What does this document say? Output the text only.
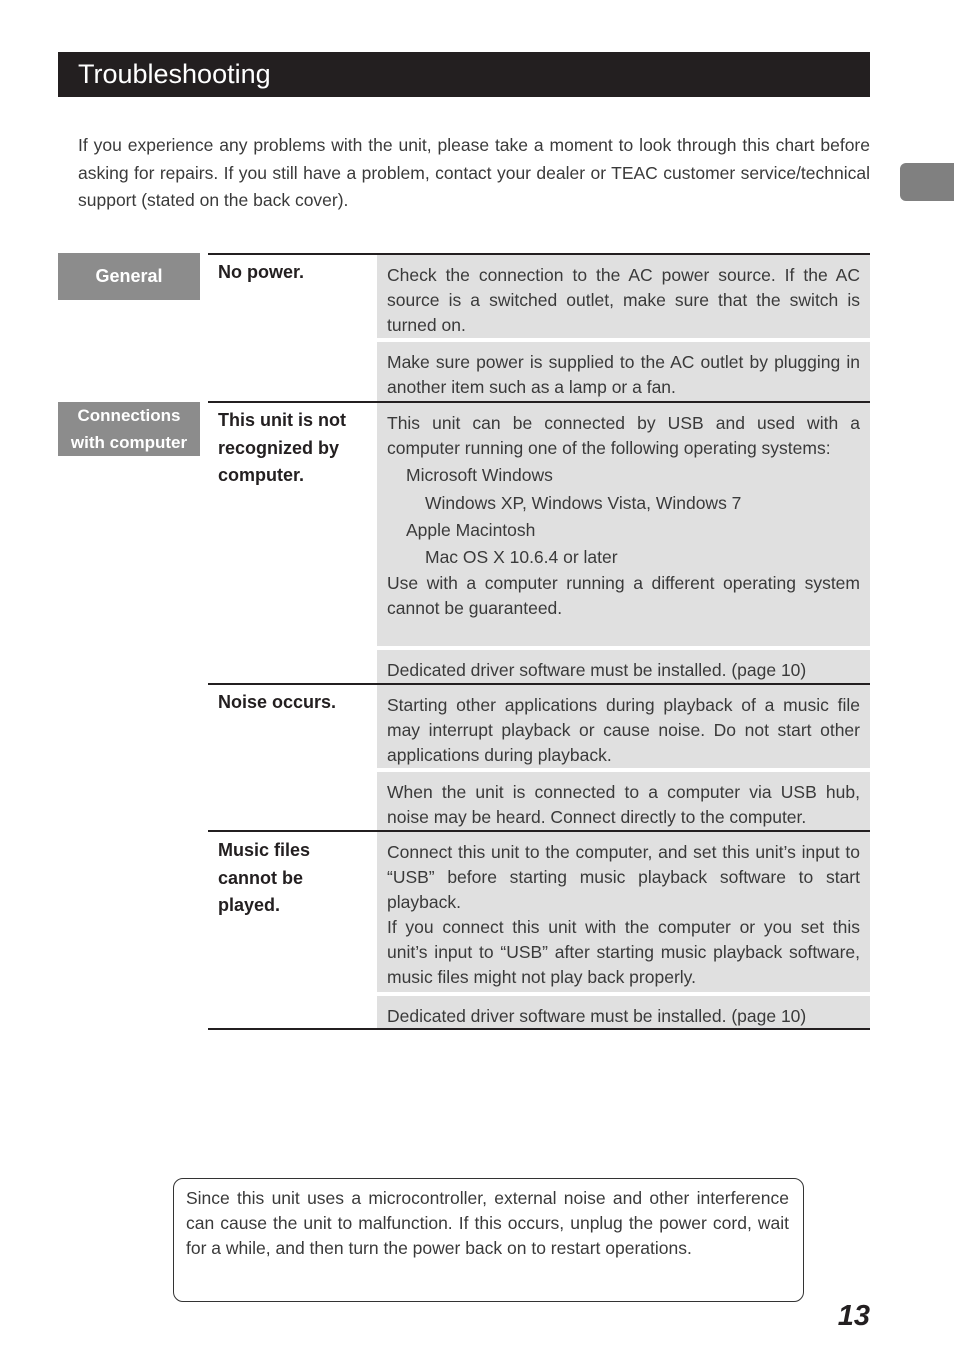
Troubleshooting
If you experience any problems with the unit, please take a moment to look through this chart before asking for repairs. If you still have a problem, contact your dealer or TEAC customer service/technical support (stated on the back cover).
General
Connections
with computer
No power.	Check the connection to the AC power source. If the AC source is a switched outlet, make sure that the switch is turned on.
Make sure power is supplied to the AC outlet by plugging in another item such as a lamp or a fan.
This unit is not recognized by computer.
This unit can be connected by USB and used with a computer running one of the following operating systems:
Microsoft Windows
Windows XP, Windows Vista, Windows 7
Apple Macintosh
Mac OS X 10.6.4 or later
Use with a computer running a different operating system cannot be guaranteed.
Dedicated driver software must be installed. (page 10)
Noise occurs.	Starting other applications during playback of a music file may interrupt playback or cause noise. Do not start other applications during playback.
When the unit is connected to a computer via USB hub, noise may be heard. Connect directly to the computer.
Music files cannot be played.
Connect this unit to the computer, and set this unit’s input to “USB” before starting music playback software to start playback.
If you connect this unit with the computer or you set this unit’s input to “USB” after starting music playback software, music files might not play back properly.
Dedicated driver software must be installed. (page 10)
Since this unit uses a microcontroller, external noise and other interference can cause the unit to malfunction. If this occurs, unplug the power cord, wait for a while, and then turn the power back on to restart operations.
13
